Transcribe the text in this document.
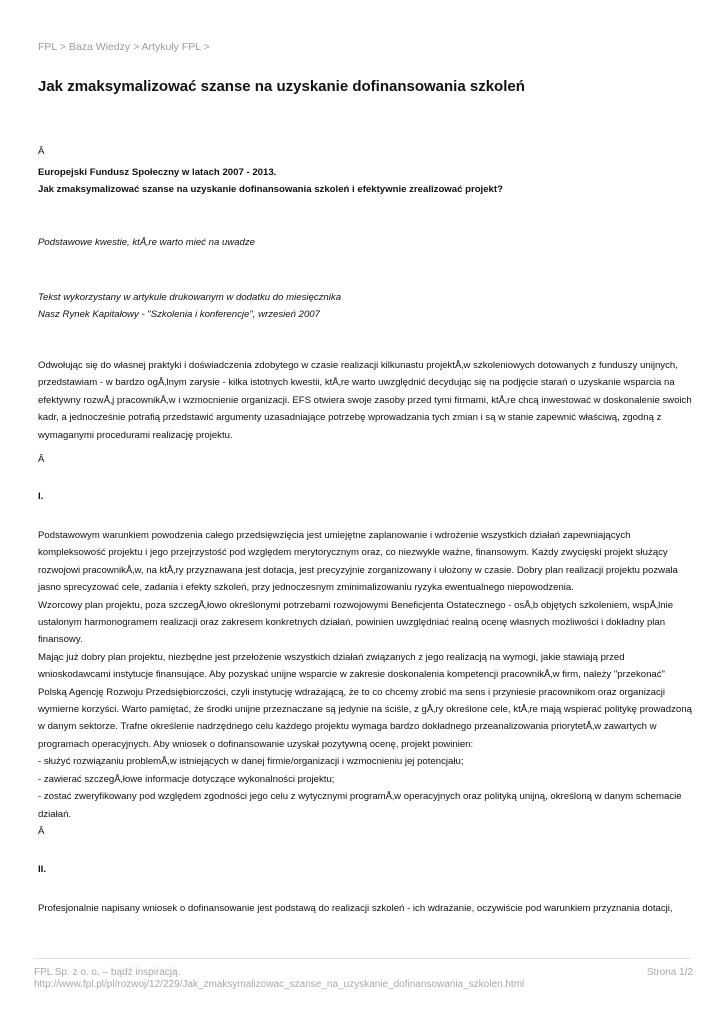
FPL > Baza Wiedzy > Artykuły FPL >
Jak zmaksymalizować szanse na uzyskanie dofinansowania szkoleń

Â

Europejski Fundusz Społeczny w latach 2007 - 2013.
Jak zmaksymalizować szanse na uzyskanie dofinansowania szkoleń i efektywnie zrealizować projekt?

Podstawowe kwestie, ktÅ‚re warto mieć na uwadze

Tekst wykorzystany w artykule drukowanym w dodatku do miesięcznika
Nasz Rynek Kapitałowy - "Szkolenia i konferencje", wrzesień 2007

Odwołując się do własnej praktyki i doświadczenia zdobytego w czasie realizacji kilkunastu projektÅ‚w szkoleniowych dotowanych z funduszy unijnych, przedstawiam - w bardzo ogÅ‚lnym zarysie - kilka istotnych kwestii, ktÅ‚re warto uwzględnić decydując się na podjęcie starań o uzyskanie wsparcia na efektywny rozwÅ‚j pracownikÅ‚w i wzmocnienie organizacji. EFS otwiera swoje zasoby przed tymi firmami, ktÅ‚re chcą inwestować w doskonalenie swoich kadr, a jednocześnie potrafią przedstawić argumenty uzasadniające potrzebę wprowadzania tych zmian i są w stanie zapewnić właściwą, zgodną z wymaganymi procedurami realizację projektu.

Â

I.

Podstawowym warunkiem powodzenia całego przedsięwzięcia jest umiejętne zaplanowanie i wdrożenie wszystkich działań zapewniających kompleksowość projektu i jego przejrzystość pod względem merytorycznym oraz, co niezwykle ważne, finansowym. Każdy zwycięski projekt służący rozwojowi pracownikÅ‚w, na ktÅ‚ry przyznawana jest dotacja, jest precyzyjnie zorganizowany i ułożony w czasie. Dobry plan realizacji projektu pozwala jasno sprecyzować cele, zadania i efekty szkoleń, przy jednoczesnym zminimalizowaniu ryzyka ewentualnego niepowodzenia.
Wzorcowy plan projektu, poza szczegÅ‚łowo określonymi potrzebami rozwojowymi Beneficjenta Ostatecznego - osÅ‚b objętych szkoleniem, wspÅ‚lnie ustalonym harmonogramem realizacji oraz zakresem konkretnych działań, powinien uwzględniać realną ocenę własnych możliwości i dokładny plan finansowy.
Mając już dobry plan projektu, niezbędne jest przełożenie wszystkich działań związanych z jego realizacją na wymogi, jakie stawiają przed wnioskodawcami instytucje finansujące. Aby pozyskać unijne wsparcie w zakresie doskonalenia kompetencji pracownikÅ‚w firm, należy "przekonać" Polską Agencję Rozwoju Przedsiębiorczości, czyli instytucję wdrażającą, że to co chcemy zrobić ma sens i przyniesie pracownikom oraz organizacji wymierne korzyści. Warto pamiętać, że środki unijne przeznaczane są jedynie na ściśle, z gÅ‚ry określone cele, ktÅ‚re mają wspierać politykę prowadzoną w danym sektorze. Trafne określenie nadrzędnego celu każdego projektu wymaga bardzo dokładnego przeanalizowania priorytetÅ‚w zawartych w programach operacyjnych. Aby wniosek o dofinansowanie uzyskał pozytywną ocenę, projekt powinien:
- służyć rozwiązaniu problemÅ‚w istniejących w danej firmie/organizacji i wzmocnieniu jej potencjału;
- zawierać szczegÅ‚łowe informacje dotyczące wykonalności projektu;
- zostać zweryfikowany pod względem zgodności jego celu z wytycznymi programÅ‚w operacyjnych oraz polityką unijną, określoną w danym schemacie działań.

Â

II.

Profesjonalnie napisany wniosek o dofinansowanie jest podstawą do realizacji szkoleń - ich wdrażanie, oczywiście pod warunkiem przyznania dotacji,

FPL Sp. z o. o. – bądź inspiracją.
http://www.fpl.pl/pl/rozwoj/12/229/Jak_zmaksymalizowac_szanse_na_uzyskanie_dofinansowania_szkolen.html
Strona 1/2
